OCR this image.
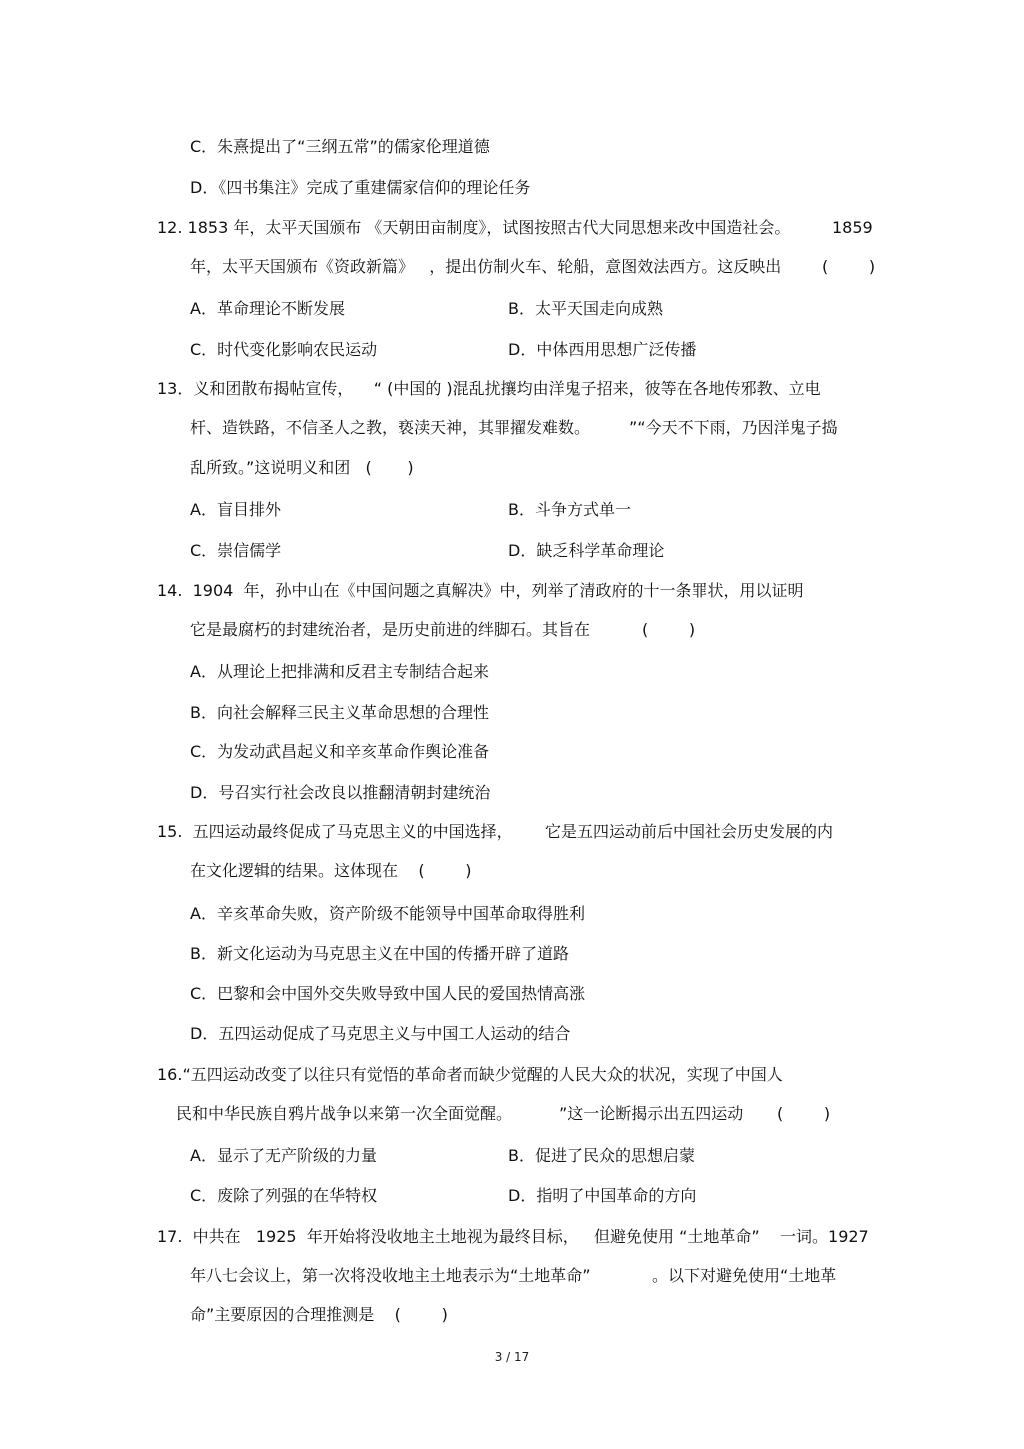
C．朱熹提出了“三纲五常”的儒家伦理道德
D．《四书集注》完成了重建儒家信仰的理论任务
12. 1853 年，太平天国颁布 《天朝田亩制度》，试图按照古代大同思想来改中国造社会。	1859
年，太平天国颁布《资政新篇》   ，提出仿制火车、轮船，意图效法西方。这反映出	(        )
A．革命理论不断发展	B．太平天国走向成熟
C．时代变化影响农民运动	D．中体西用思想广泛传播
13．义和团散布揭帖宣传，    “ (中国的 )混乱扰攘均由洋鬼子招来，彼等在各地传邪教、立电
杆、造铁路，不信圣人之教，亵渎天神，其罪擢发难数。 ”“今天不下雨，乃因洋鬼子捣
乱所致。”这说明义和团   (       )
A．盲目排外	B．斗争方式单一
C．崇信儒学	D．缺乏科学革命理论
14.  1904  年，孙中山在《中国问题之真解决》中，列举了清政府的十一条罪状，用以证明
它是最腐朽的封建统治者，是历史前进的绊脚石。其旨在	(        )
A．从理论上把排满和反君主专制结合起来
B．向社会解释三民主义革命思想的合理性
C．为发动武昌起义和辛亥革命作舆论准备
D．号召实行社会改良以推翻清朝封建统治
15.  五四运动最终促成了马克思主义的中国选择， 它是五四运动前后中国社会历史发展的内
在文化逻辑的结果。这体现在    (        )
A．辛亥革命失败，资产阶级不能领导中国革命取得胜利
B．新文化运动为马克思主义在中国的传播开辟了道路
C．巴黎和会中国外交失败导致中国人民的爱国热情高涨
D．五四运动促成了马克思主义与中国工人运动的结合
16.“五四运动改变了以往只有觉悟的革命者而缺少觉醒的人民大众的状况，实现了中国人
民和中华民族自鸦片战争以来第一次全面觉醒。	”这一论断揭示出五四运动 (        )
A．显示了无产阶级的力量	B．促进了民众的思想启蒙
C．废除了列强的在华特权	D．指明了中国革命的方向
17.  中共在   1925  年开始将没收地主土地视为最终目标， 但避免使用 “土地革命”    一词。1927
年八七会议上，第一次将没收地主土地表示为“土地革命”	。以下对避免使用“土地革
命”主要原因的合理推测是    (        )
3 / 17
